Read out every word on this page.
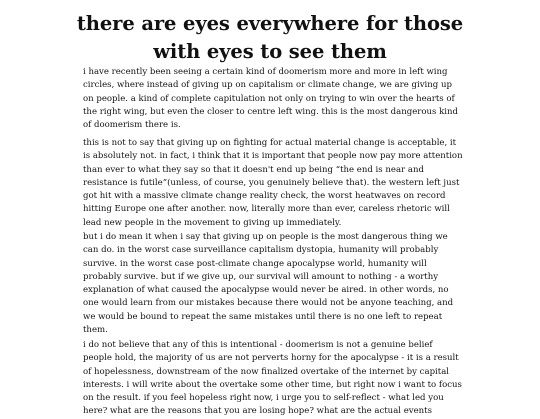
there are eyes everywhere for those with eyes to see them

i have recently been seeing a certain kind of doomerism more and more in left wing circles, where instead of giving up on capitalism or climate change, we are giving up on people. a kind of complete capitulation not only on trying to win over the hearts of the right wing, but even the closer to centre left wing. this is the most dangerous kind of doomerism there is.

this is not to say that giving up on fighting for actual material change is acceptable, it is absolutely not. in fact, i think that it is important that people now pay more attention than ever to what they say so that it doesn't end up being “the end is near and resistance is futile”(unless, of course, you genuinely believe that). the western left just got hit with a massive climate change reality check, the worst heatwaves on record hitting Europe one after another. now, literally more than ever, careless rhetoric will lead new people in the movement to giving up immediately.

but i do mean it when i say that giving up on people is the most dangerous thing we can do. in the worst case surveillance capitalism dystopia, humanity will probably survive. in the worst case post-climate change apocalypse world, humanity will probably survive. but if we give up, our survival will amount to nothing - a worthy explanation of what caused the apocalypse would never be aired. in other words, no one would learn from our mistakes because there would not be anyone teaching, and we would be bound to repeat the same mistakes until there is no one left to repeat them.

i do not believe that any of this is intentional - doomerism is not a genuine belief people hold, the majority of us are not perverts horny for the apocalypse - it is a result of hopelessness, downstream of the now finalized overtake of the internet by capital interests. i will write about the overtake some other time, but right now i want to focus on the result. if you feel hopeless right now, i urge you to self-reflect - what led you here? what are the reasons that you are losing hope? what are the actual events
